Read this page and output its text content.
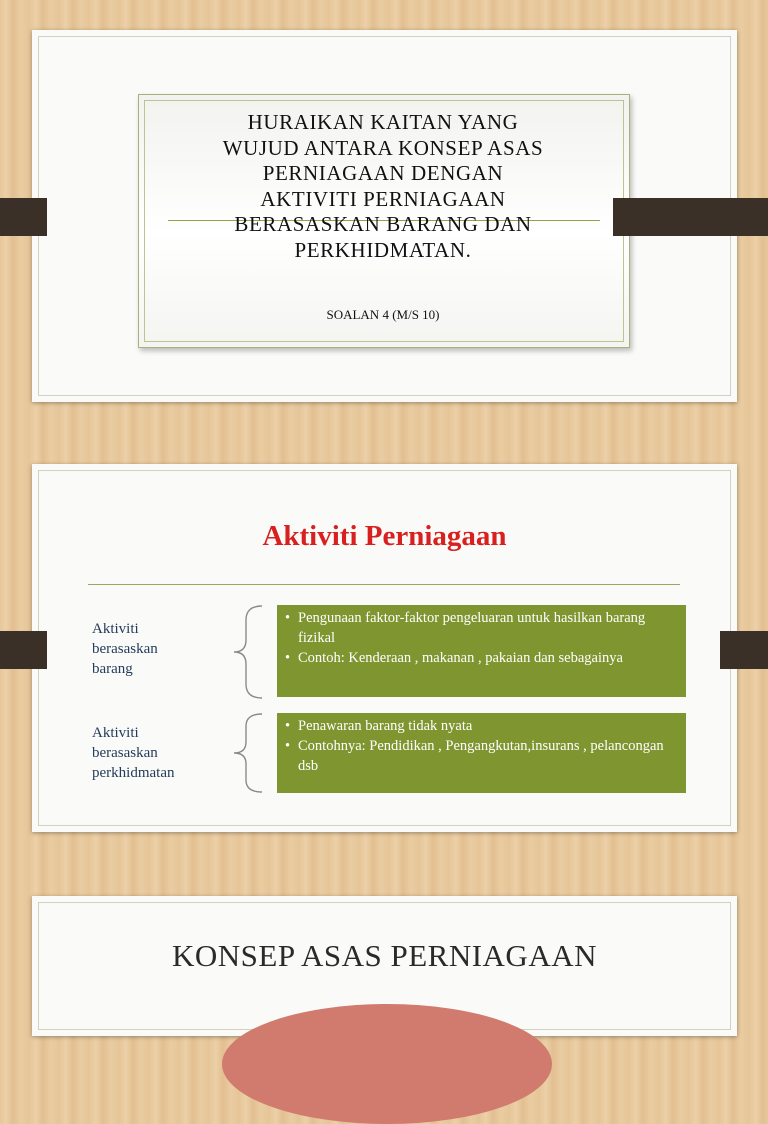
HURAIKAN KAITAN YANG
WUJUD ANTARA KONSEP ASAS
PERNIAGAAN DENGAN
AKTIVITI PERNIAGAAN
BERASASKAN BARANG DAN
PERKHIDMATAN.
SOALAN 4 (M/S 10)
Aktiviti Perniagaan
Aktiviti
berasaskan
barang
• Pengunaan faktor-faktor pengeluaran untuk hasilkan barang fizikal
• Contoh: Kenderaan , makanan , pakaian dan sebagainya
Aktiviti
berasaskan
perkhidmatan
• Penawaran barang tidak nyata
• Contohnya: Pendidikan , Pengangkutan,insurans , pelancongan dsb
KONSEP ASAS PERNIAGAAN
